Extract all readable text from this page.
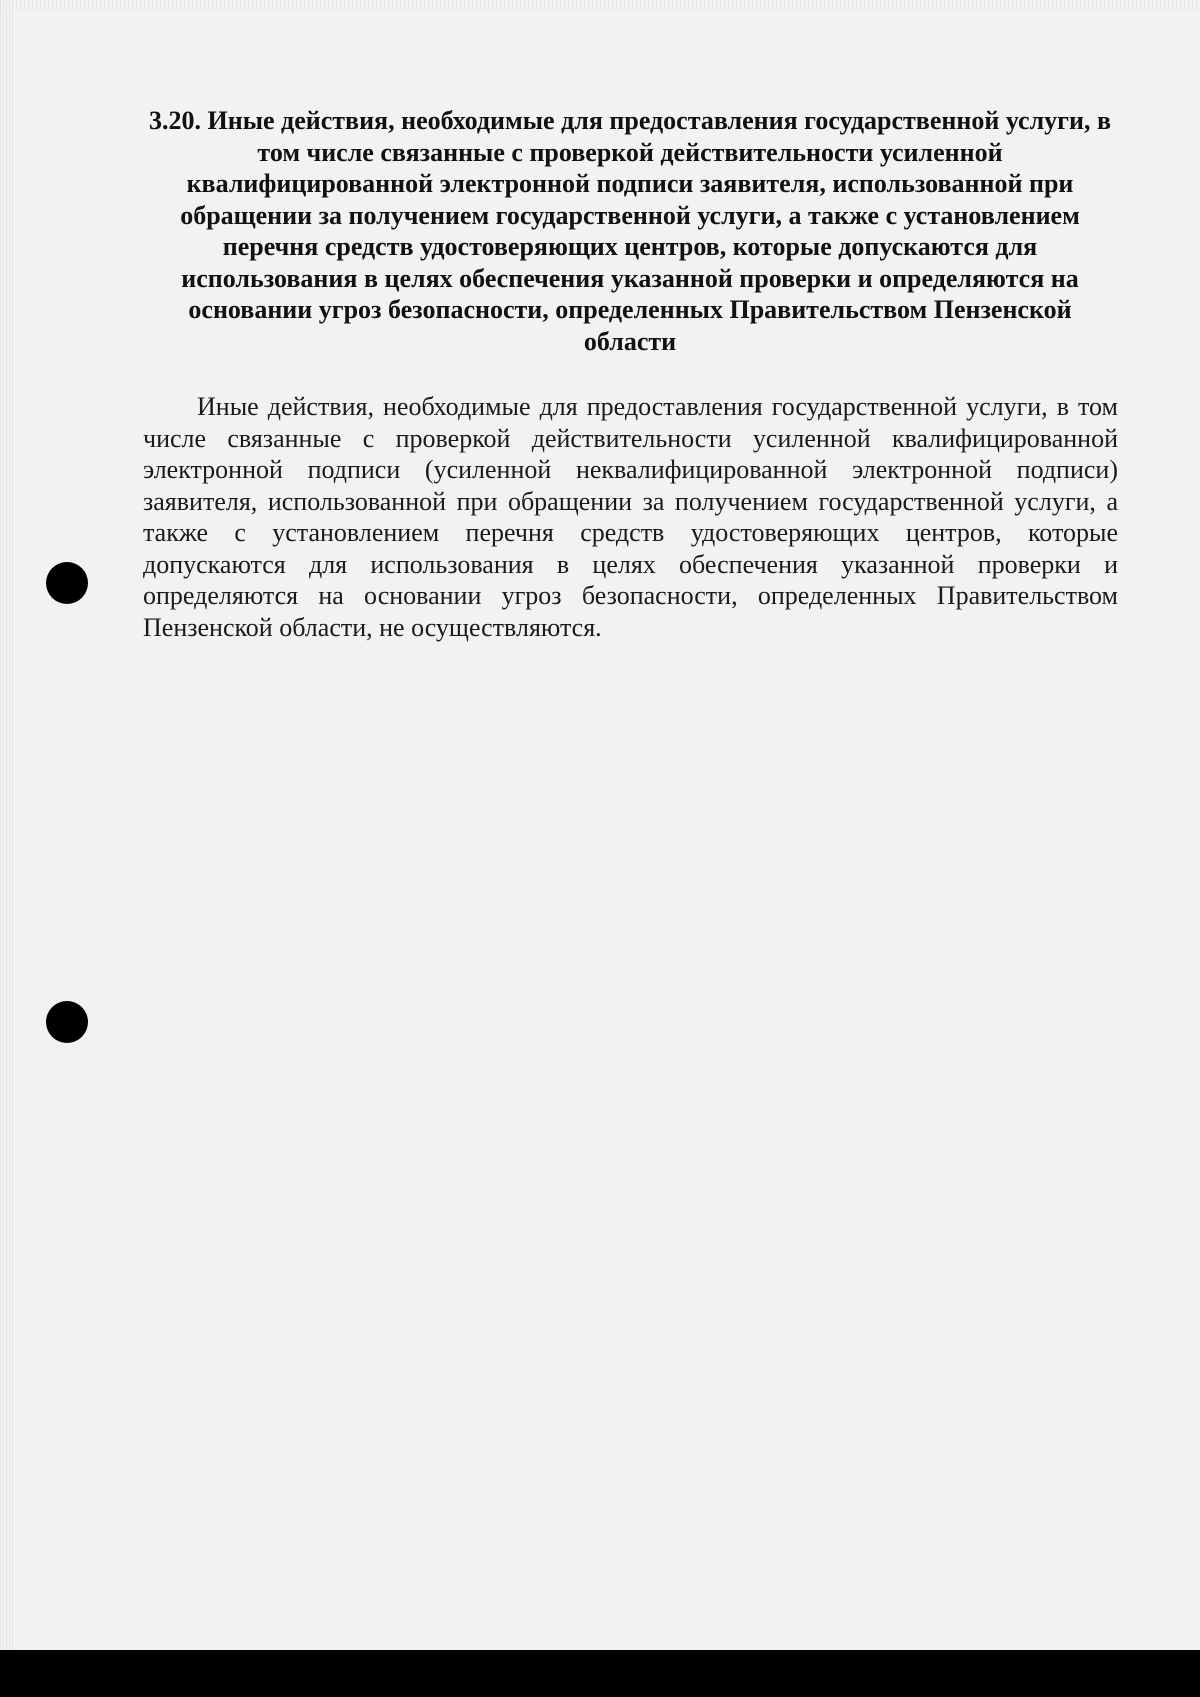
3.20. Иные действия, необходимые для предоставления государственной услуги, в том числе связанные с проверкой действительности усиленной квалифицированной электронной подписи заявителя, использованной при обращении за получением государственной услуги, а также с установлением перечня средств удостоверяющих центров, которые допускаются для использования в целях обеспечения указанной проверки и определяются на основании угроз безопасности, определенных Правительством Пензенской области

Иные действия, необходимые для предоставления государственной услуги, в том числе связанные с проверкой действительности усиленной квалифицированной электронной подписи (усиленной неквалифицированной электронной подписи) заявителя, использованной при обращении за получением государственной услуги, а также с установлением перечня средств удостоверяющих центров, которые допускаются для использования в целях обеспечения указанной проверки и определяются на основании угроз безопасности, определенных Правительством Пензенской области, не осуществляются.
